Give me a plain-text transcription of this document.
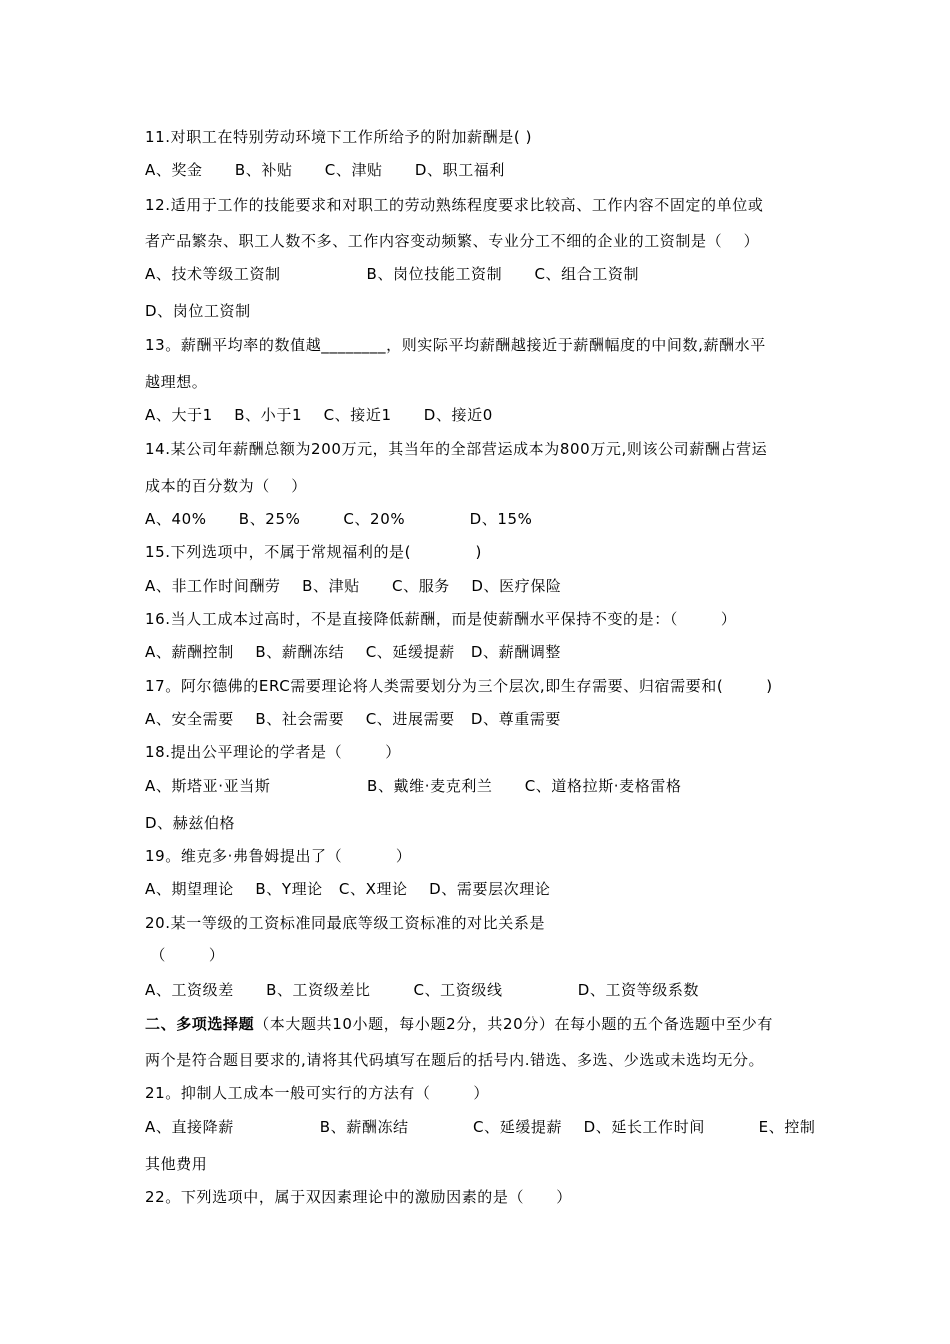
11.对职工在特别劳动环境下工作所给予的附加薪酬是( )
A、奖金      B、补贴      C、津贴      D、职工福利
12.适用于工作的技能要求和对职工的劳动熟练程度要求比较高、工作内容不固定的单位或
者产品繁杂、职工人数不多、工作内容变动频繁、专业分工不细的企业的工资制是（    ）
A、技术等级工资制                B、岗位技能工资制      C、组合工资制
D、岗位工资制
13。薪酬平均率的数值越________，则实际平均薪酬越接近于薪酬幅度的中间数,薪酬水平
越理想。
A、大于1    B、小于1    C、接近1      D、接近0
14.某公司年薪酬总额为200万元，其当年的全部营运成本为800万元,则该公司薪酬占营运
成本的百分数为（    ）
A、40%      B、25%        C、20%            D、15%
15.下列选项中，不属于常规福利的是(            )
A、非工作时间酬劳    B、津贴      C、服务    D、医疗保险
16.当人工成本过高时，不是直接降低薪酬，而是使薪酬水平保持不变的是：（        ）
A、薪酬控制    B、薪酬冻结    C、延缓提薪   D、薪酬调整
17。阿尔德佛的ERC需要理论将人类需要划分为三个层次,即生存需要、归宿需要和(        )
A、安全需要    B、社会需要    C、进展需要   D、尊重需要
18.提出公平理论的学者是（        ）
A、斯塔亚·亚当斯                  B、戴维·麦克利兰      C、道格拉斯·麦格雷格
D、赫兹伯格
19。维克多·弗鲁姆提出了（          ）
A、期望理论    B、Y理论   C、X理论    D、需要层次理论
20.某一等级的工资标准同最底等级工资标准的对比关系是
（        ）
A、工资级差      B、工资级差比        C、工资级线              D、工资等级系数
二、多项选择题（本大题共10小题，每小题2分，共20分）在每小题的五个备选题中至少有
两个是符合题目要求的,请将其代码填写在题后的括号内.错选、多选、少选或未选均无分。
21。抑制人工成本一般可实行的方法有（        ）
A、直接降薪                B、薪酬冻结            C、延缓提薪    D、延长工作时间          E、控制
其他费用
22。下列选项中，属于双因素理论中的激励因素的是（      ）
